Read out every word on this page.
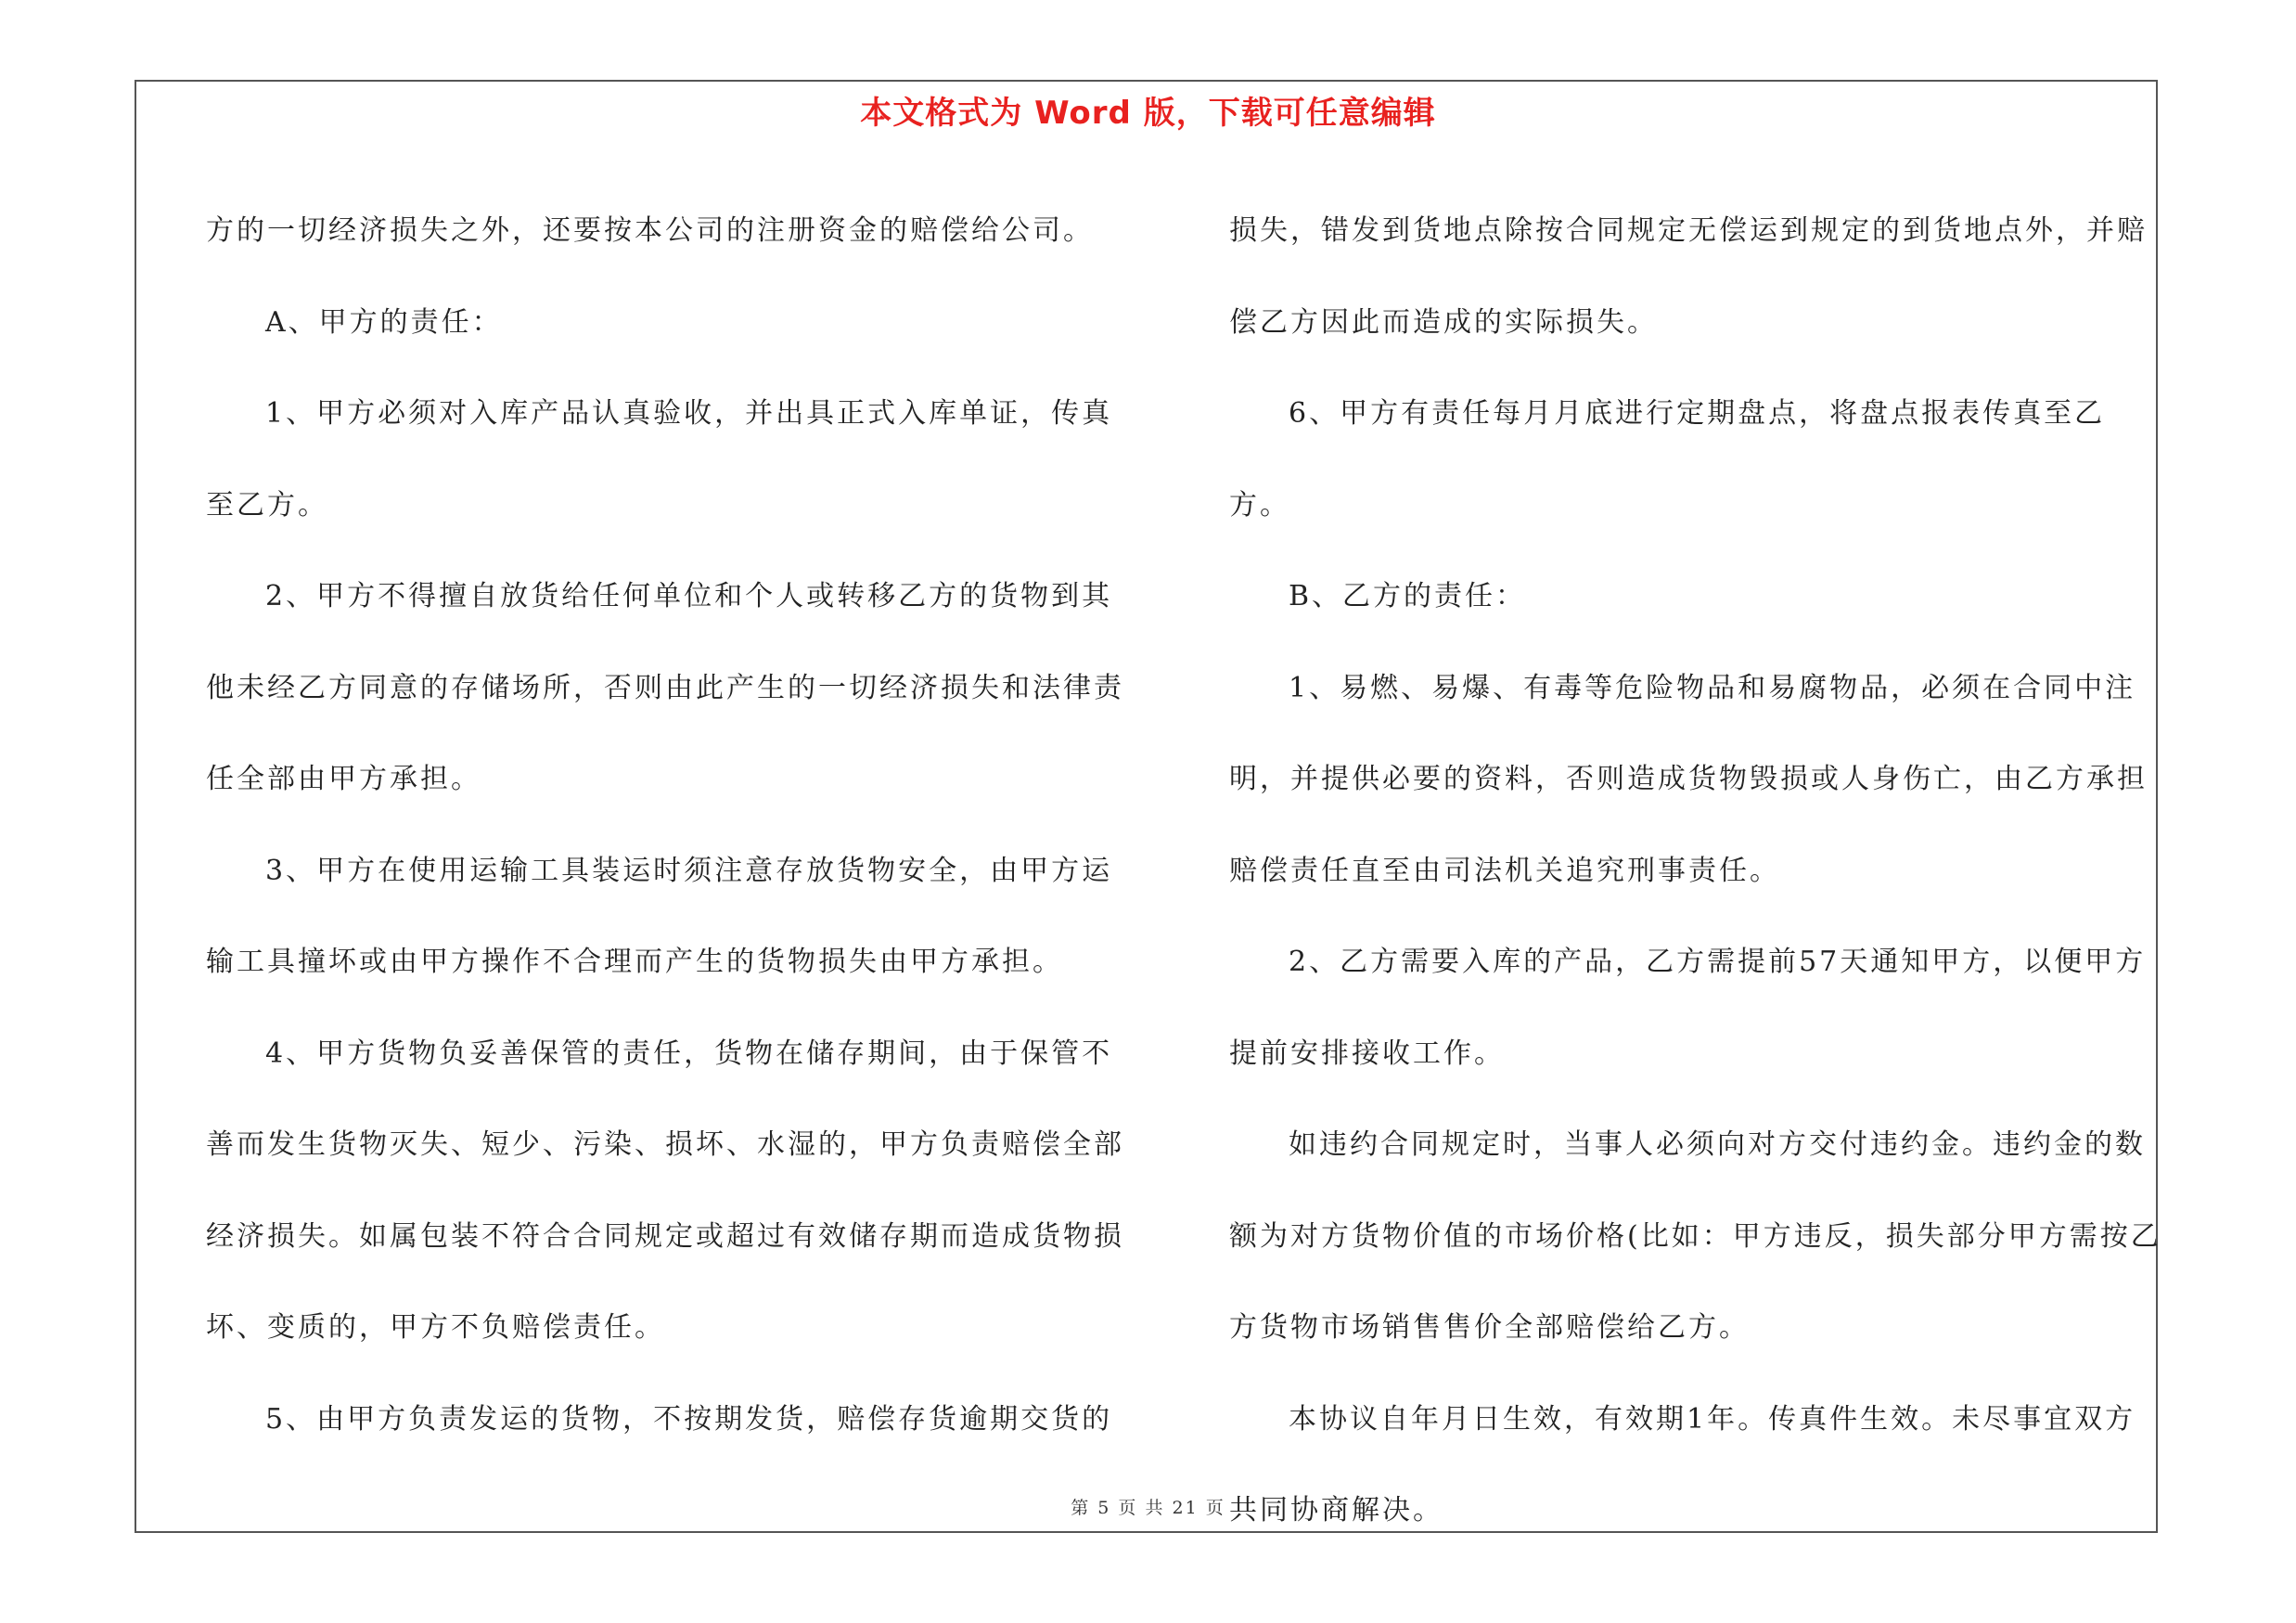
本文格式为 Word 版，下载可任意编辑

方的一切经济损失之外，还要按本公司的注册资金的赔偿给公司。

A、甲方的责任：

1、甲方必须对入库产品认真验收，并出具正式入库单证，传真至乙方。

2、甲方不得擅自放货给任何单位和个人或转移乙方的货物到其他未经乙方同意的存储场所，否则由此产生的一切经济损失和法律责任全部由甲方承担。

3、甲方在使用运输工具装运时须注意存放货物安全，由甲方运输工具撞坏或由甲方操作不合理而产生的货物损失由甲方承担。

4、甲方货物负妥善保管的责任，货物在储存期间，由于保管不善而发生货物灭失、短少、污染、损坏、水湿的，甲方负责赔偿全部经济损失。如属包装不符合合同规定或超过有效储存期而造成货物损坏、变质的，甲方不负赔偿责任。

5、由甲方负责发运的货物，不按期发货，赔偿存货逾期交货的

损失，错发到货地点除按合同规定无偿运到规定的到货地点外，并赔偿乙方因此而造成的实际损失。

6、甲方有责任每月月底进行定期盘点，将盘点报表传真至乙方。

B、乙方的责任：

1、易燃、易爆、有毒等危险物品和易腐物品，必须在合同中注明，并提供必要的资料，否则造成货物毁损或人身伤亡，由乙方承担赔偿责任直至由司法机关追究刑事责任。

2、乙方需要入库的产品，乙方需提前57天通知甲方，以便甲方提前安排接收工作。

如违约合同规定时，当事人必须向对方交付违约金。违约金的数额为对方货物价值的市场价格(比如：甲方违反，损失部分甲方需按乙方货物市场销售售价全部赔偿给乙方。

本协议自年月日生效，有效期1年。传真件生效。未尽事宜双方共同协商解决。

第 5 页 共 21 页
